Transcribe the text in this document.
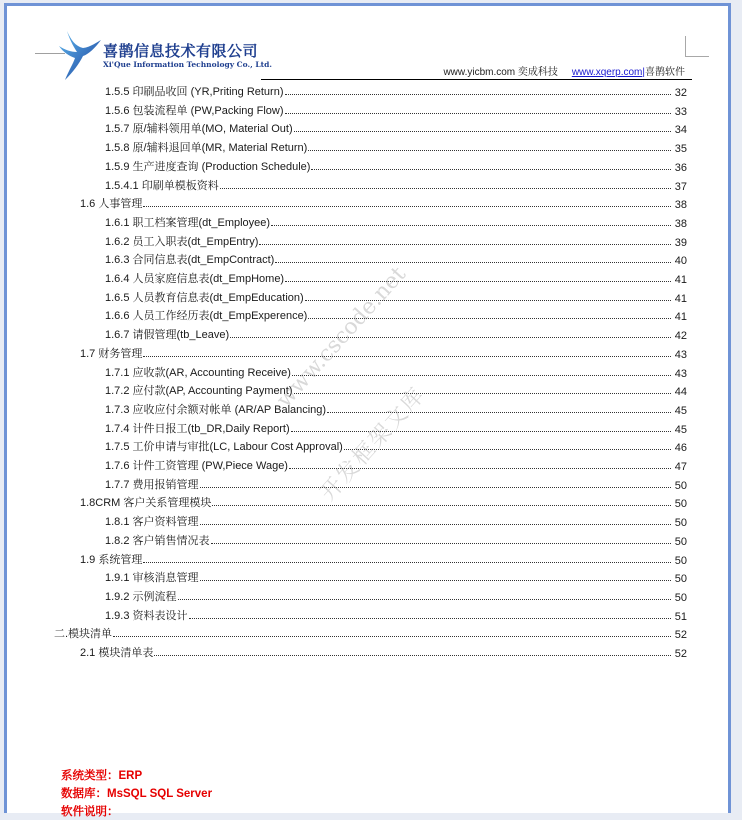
喜鹊信息技术有限公司
Xi'Que Information Technology Co., Ltd.
www.yicbm.com 奕成科技 www.xqerp.com|喜鹊软件
1.5.5 印刷品收回 (YR,Priting Return)	32
1.5.6 包装流程单 (PW,Packing Flow)	33
1.5.7 原/辅料领用单(MO, Material Out)	34
1.5.8 原/辅料退回单(MR, Material Return)	35
1.5.9 生产进度查询 (Production Schedule)	36
1.5.4.1 印刷单模板资料	37
1.6 人事管理	38
1.6.1 职工档案管理(dt_Employee)	38
1.6.2 员工入职表(dt_EmpEntry)	39
1.6.3 合同信息表(dt_EmpContract)	40
1.6.4 人员家庭信息表(dt_EmpHome)	41
1.6.5 人员教育信息表(dt_EmpEducation)	41
1.6.6 人员工作经历表(dt_EmpExperence)	41
1.6.7 请假管理(tb_Leave)	42
1.7 财务管理	43
1.7.1 应收款(AR, Accounting Receive)	43
1.7.2 应付款(AP, Accounting Payment)	44
1.7.3 应收应付余额对帐单 (AR/AP Balancing)	45
1.7.4 计件日报工(tb_DR,Daily Report)	45
1.7.5 工价申请与审批(LC, Labour Cost Approval)	46
1.7.6 计件工资管理 (PW,Piece Wage)	47
1.7.7 费用报销管理	50
1.8CRM 客户关系管理模块	50
1.8.1 客户资料管理	50
1.8.2 客户销售情况表	50
1.9 系统管理	50
1.9.1 审核消息管理	50
1.9.2 示例流程	50
1.9.3 资料表设计	51
二.模块清单	52
2.1 模块清单表	52
www.cscode.net
开发框架文库
系统类型：ERP
数据库：MsSQL SQL Server
软件说明：
